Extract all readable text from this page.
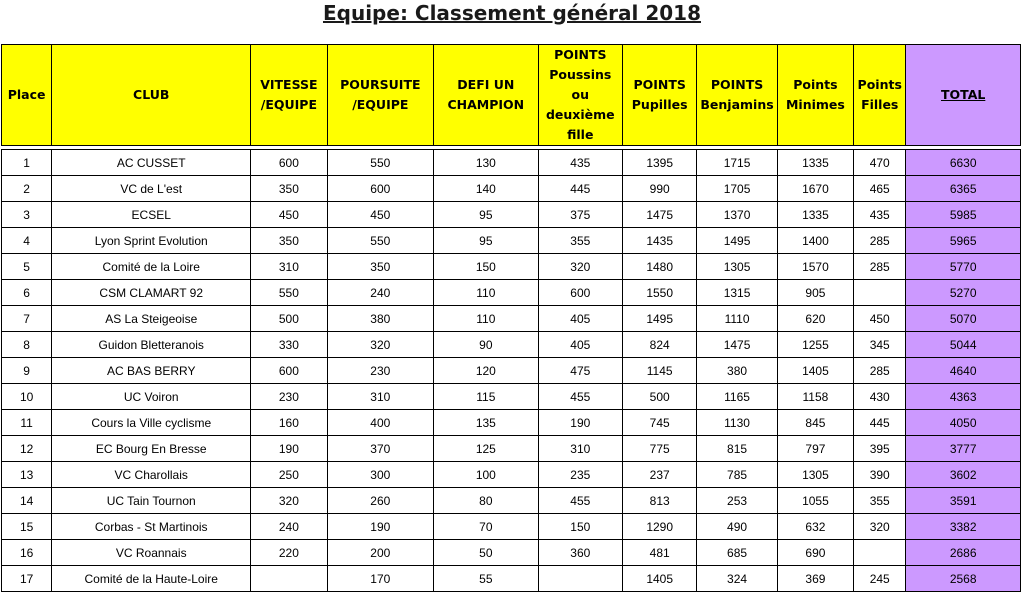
Equipe: Classement général 2018
Place	CLUB	VITESSE /EQUIPE	POURSUITE /EQUIPE	DEFI UN CHAMPION	POINTS Poussins ou deuxième fille	POINTS Pupilles	POINTS Benjamins	Points Minimes	Points Filles	TOTAL

1	AC CUSSET	600	550	130	435	1395	1715	1335	470	6630
2	VC de L'est	350	600	140	445	990	1705	1670	465	6365
3	ECSEL	450	450	95	375	1475	1370	1335	435	5985
4	Lyon Sprint Evolution	350	550	95	355	1435	1495	1400	285	5965
5	Comité de la Loire	310	350	150	320	1480	1305	1570	285	5770
6	CSM CLAMART 92	550	240	110	600	1550	1315	905		5270
7	AS La Steigeoise	500	380	110	405	1495	1110	620	450	5070
8	Guidon Bletteranois	330	320	90	405	824	1475	1255	345	5044
9	AC BAS BERRY	600	230	120	475	1145	380	1405	285	4640
10	UC Voiron	230	310	115	455	500	1165	1158	430	4363
11	Cours la Ville cyclisme	160	400	135	190	745	1130	845	445	4050
12	EC Bourg En Bresse	190	370	125	310	775	815	797	395	3777
13	VC Charollais	250	300	100	235	237	785	1305	390	3602
14	UC Tain Tournon	320	260	80	455	813	253	1055	355	3591
15	Corbas - St Martinois	240	190	70	150	1290	490	632	320	3382
16	VC Roannais	220	200	50	360	481	685	690		2686
17	Comité de la Haute-Loire		170	55		1405	324	369	245	2568
